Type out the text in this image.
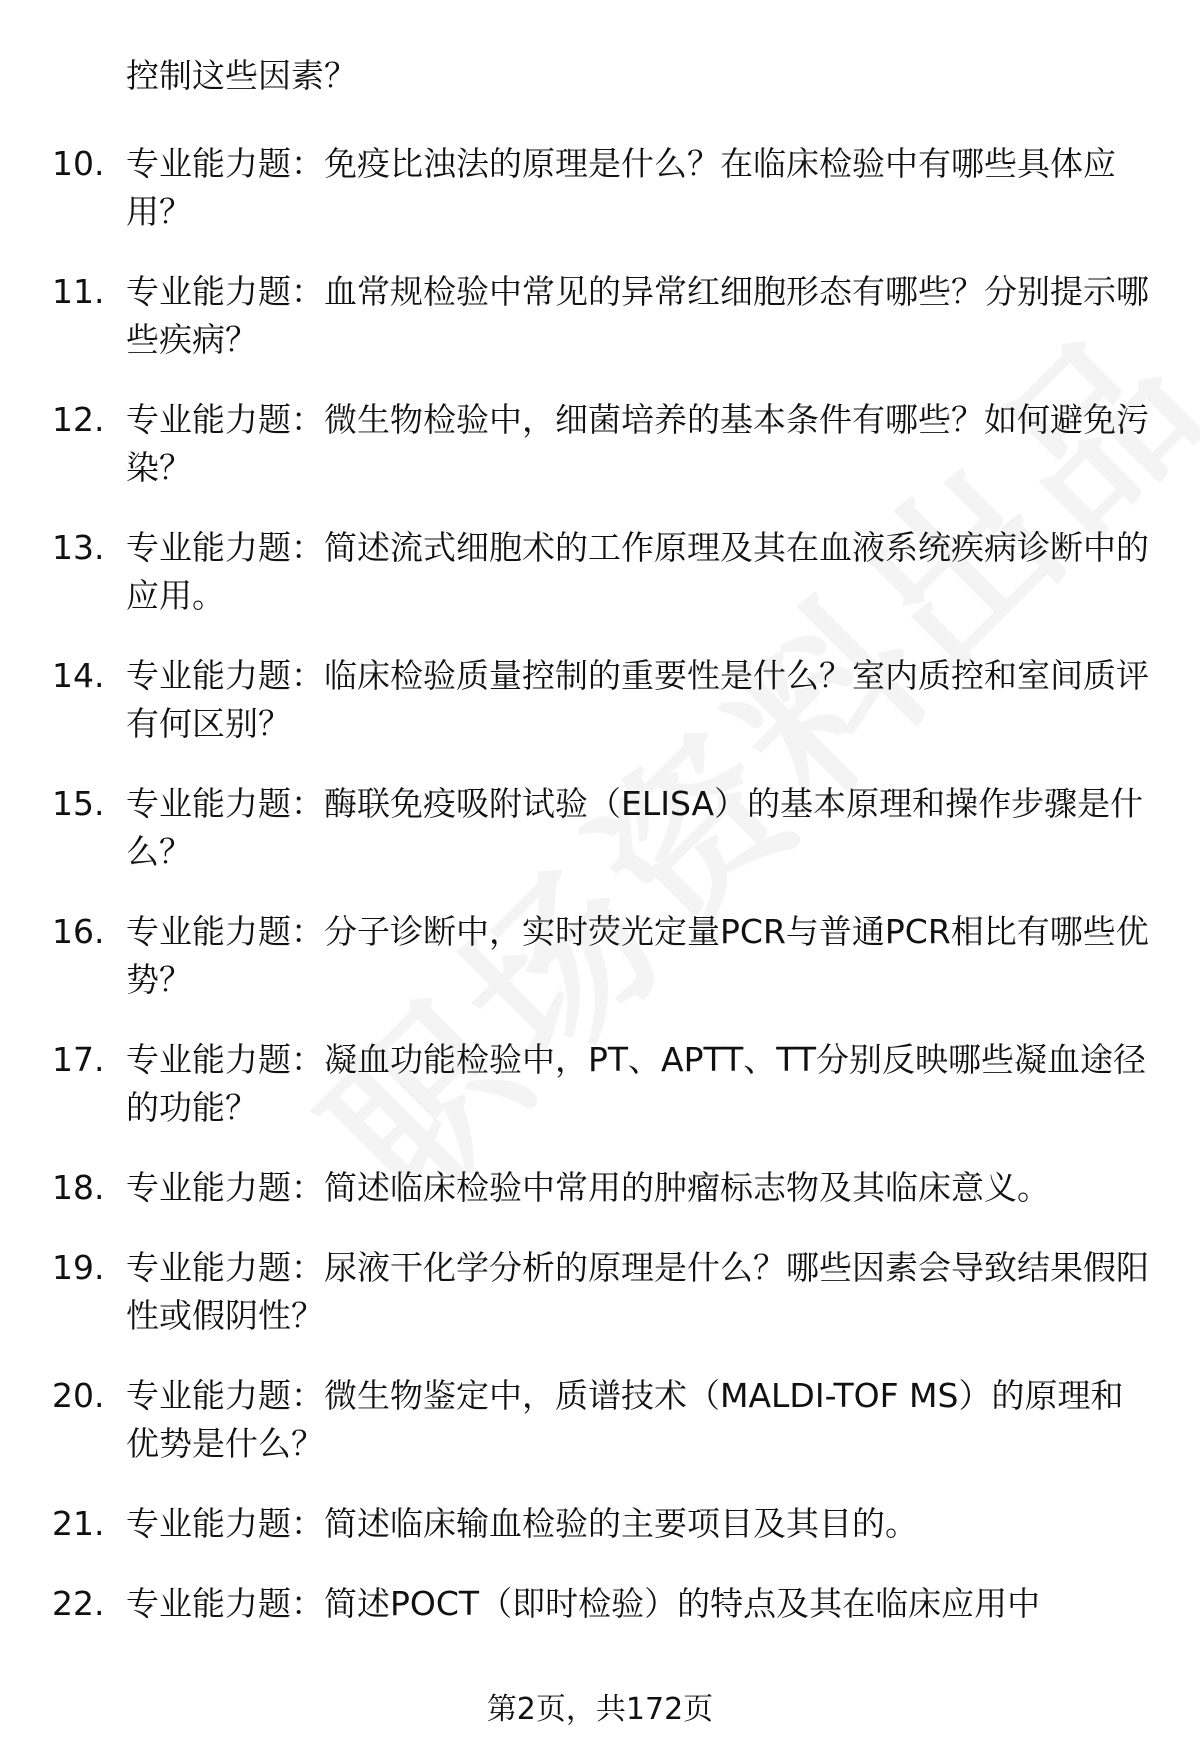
控制这些因素？
10. 专业能力题：免疫比浊法的原理是什么？在临床检验中有哪些具体应用？
11. 专业能力题：血常规检验中常见的异常红细胞形态有哪些？分别提示哪些疾病？
12. 专业能力题：微生物检验中，细菌培养的基本条件有哪些？如何避免污染？
13. 专业能力题：简述流式细胞术的工作原理及其在血液系统疾病诊断中的应用。
14. 专业能力题：临床检验质量控制的重要性是什么？室内质控和室间质评有何区别？
15. 专业能力题：酶联免疫吸附试验（ELISA）的基本原理和操作步骤是什么？
16. 专业能力题：分子诊断中，实时荧光定量PCR与普通PCR相比有哪些优势？
17. 专业能力题：凝血功能检验中，PT、APTT、TT分别反映哪些凝血途径的功能？
18. 专业能力题：简述临床检验中常用的肿瘤标志物及其临床意义。
19. 专业能力题：尿液干化学分析的原理是什么？哪些因素会导致结果假阳性或假阴性？
20. 专业能力题：微生物鉴定中，质谱技术（MALDI-TOF MS）的原理和优势是什么？
21. 专业能力题：简述临床输血检验的主要项目及其目的。
22. 专业能力题：简述POCT（即时检验）的特点及其在临床应用中
第2页，共172页
